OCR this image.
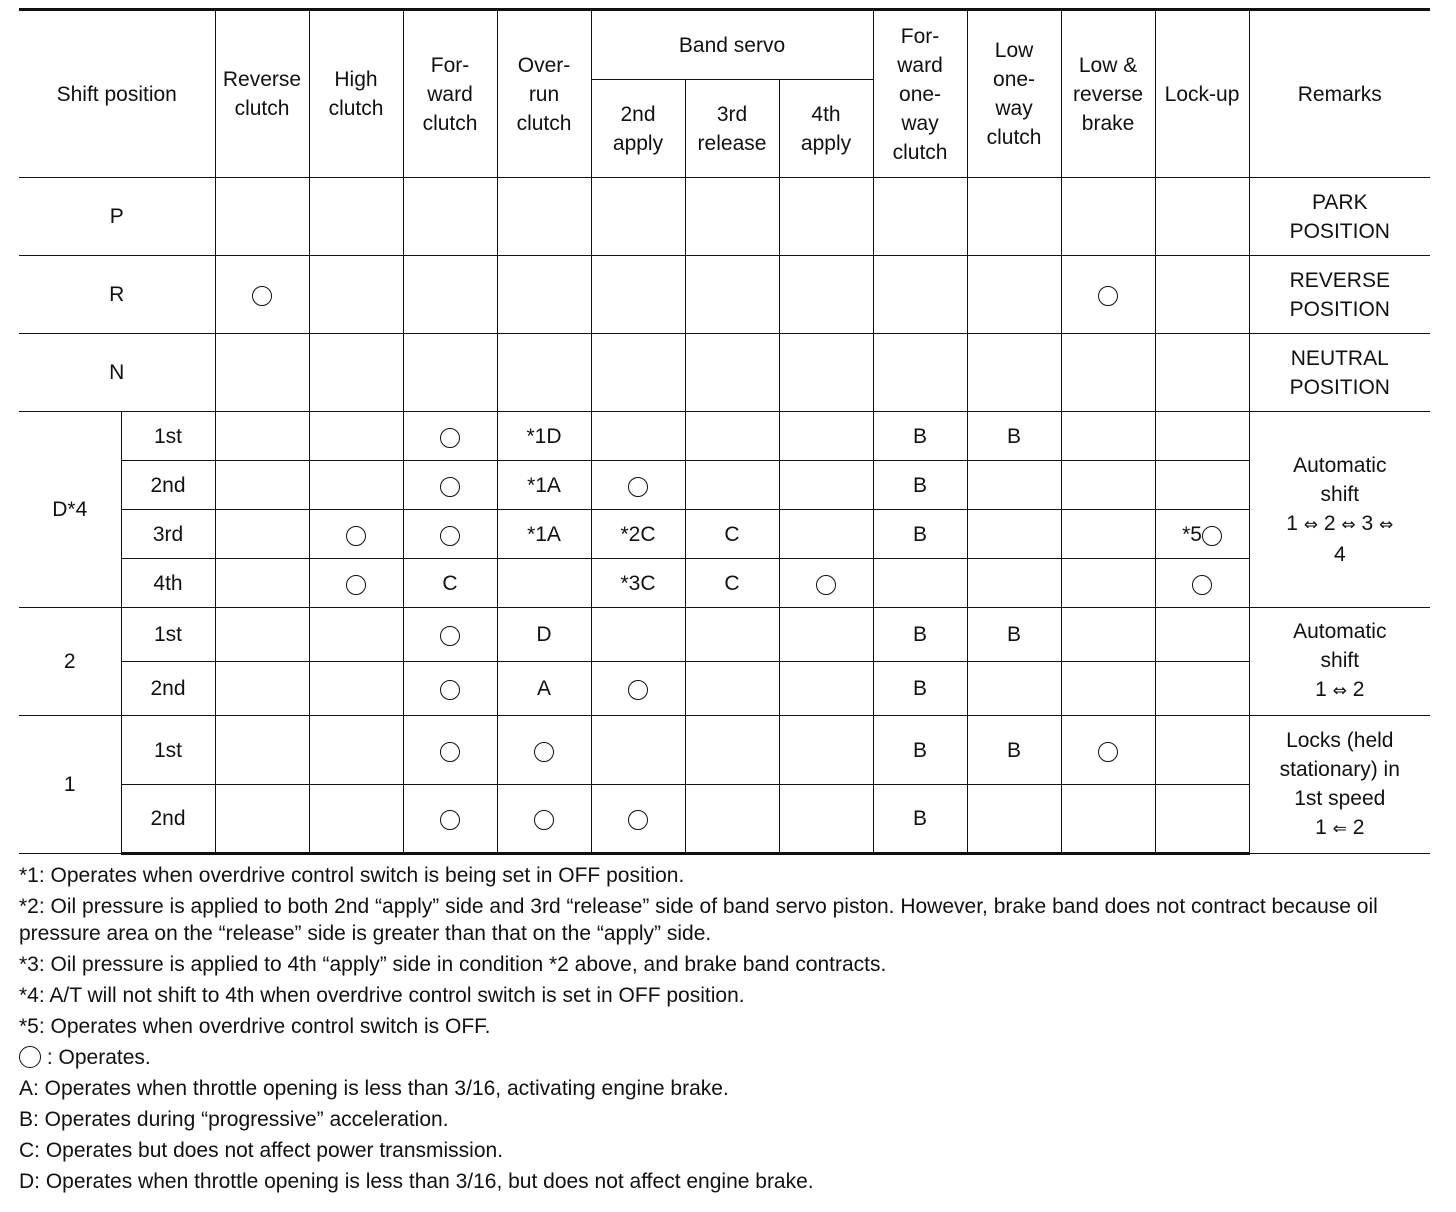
Shift position		Reverse clutch	High clutch	For-
ward
clutch	Over-
run
clutch	Band servo			For-
ward
one-
way
clutch	Low
one-
way
clutch	Low &
reverse
brake	Lock-up	Remarks
						2nd
apply	3rd
release	4th
apply					
P													PARK
POSITION
R													REVERSE
POSITION
N													NEUTRAL
POSITION
D*4	1st				*1D				B	B			Automatic
shift
1 ⇔ 2 ⇔ 3 ⇔
4

	2nd				*1A				B				
	3rd				*1A	*2C	C		B			*5	
	4th			C		*3C	C						
2	1st				D				B	B			Automatic
shift
1 ⇔ 2

	2nd				A				B				
1	1st								B	B			Locks (held
stationary) in
1st speed
1 ⇐ 2

	2nd								B				

*1: Operates when overdrive control switch is being set in OFF position.

*2: Oil pressure is applied to both 2nd “apply” side and 3rd “release” side of band servo piston. However, brake band does not contract because oil pressure area on the “release” side is greater than that on the “apply” side.

*3: Oil pressure is applied to 4th “apply” side in condition *2 above, and brake band contracts.

*4: A/T will not shift to 4th when overdrive control switch is set in OFF position.

*5: Operates when overdrive control switch is OFF.

: Operates.

A: Operates when throttle opening is less than 3/16, activating engine brake.

B: Operates during “progressive” acceleration.

C: Operates but does not affect power transmission.

D: Operates when throttle opening is less than 3/16, but does not affect engine brake.
